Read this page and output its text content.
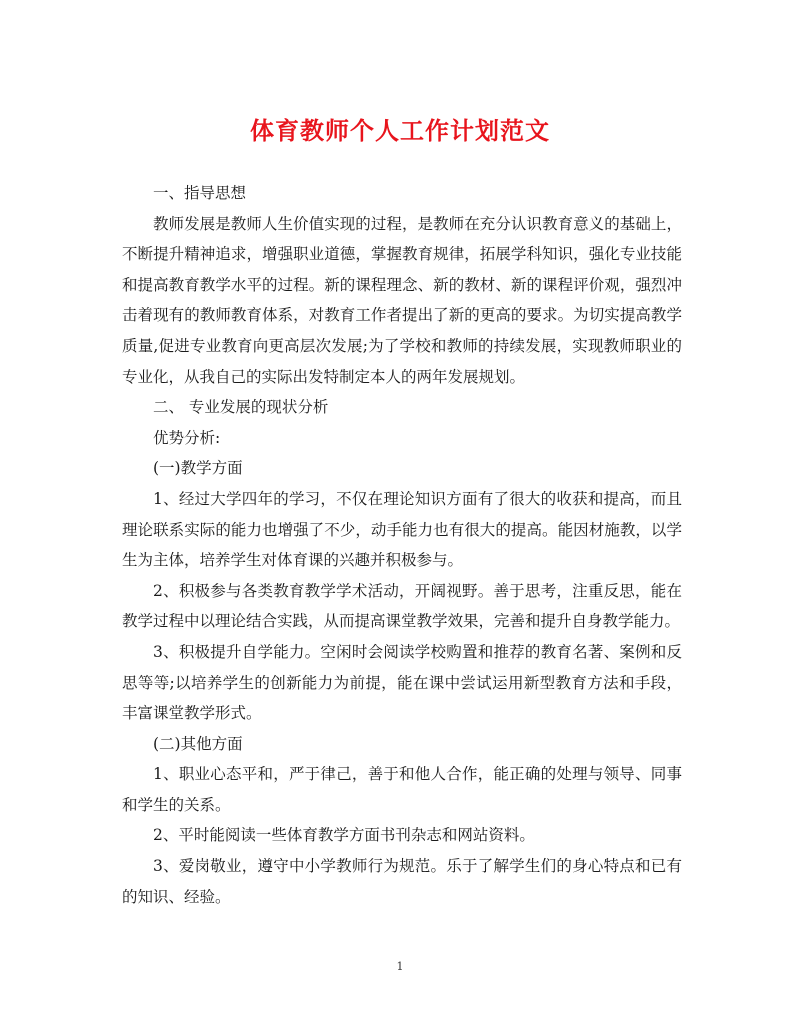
体育教师个人工作计划范文

一、指导思想

教师发展是教师人生价值实现的过程，是教师在充分认识教育意义的基础上，不断提升精神追求，增强职业道德，掌握教育规律，拓展学科知识，强化专业技能和提高教育教学水平的过程。新的课程理念、新的教材、新的课程评价观，强烈冲击着现有的教师教育体系，对教育工作者提出了新的更高的要求。为切实提高教学质量,促进专业教育向更高层次发展;为了学校和教师的持续发展，实现教师职业的专业化，从我自己的实际出发特制定本人的两年发展规划。

二、 专业发展的现状分析

优势分析:

(一)教学方面

1、经过大学四年的学习，不仅在理论知识方面有了很大的收获和提高，而且理论联系实际的能力也增强了不少，动手能力也有很大的提高。能因材施教，以学生为主体，培养学生对体育课的兴趣并积极参与。

2、积极参与各类教育教学学术活动，开阔视野。善于思考，注重反思，能在教学过程中以理论结合实践，从而提高课堂教学效果，完善和提升自身教学能力。

3、积极提升自学能力。空闲时会阅读学校购置和推荐的教育名著、案例和反思等等;以培养学生的创新能力为前提，能在课中尝试运用新型教育方法和手段，丰富课堂教学形式。

(二)其他方面

1、职业心态平和，严于律己，善于和他人合作，能正确的处理与领导、同事和学生的关系。

2、平时能阅读一些体育教学方面书刊杂志和网站资料。

3、爱岗敬业，遵守中小学教师行为规范。乐于了解学生们的身心特点和已有的知识、经验。

1
